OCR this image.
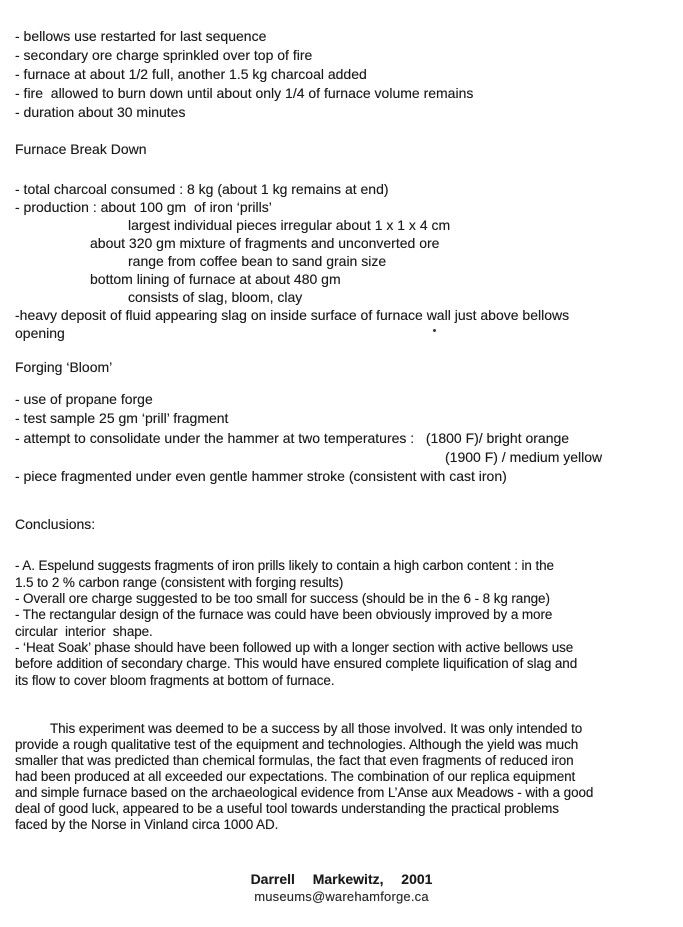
- bellows use restarted for last sequence
- secondary ore charge sprinkled over top of fire
- furnace at about 1/2 full, another 1.5 kg charcoal added
- fire  allowed to burn down until about only 1/4 of furnace volume remains
- duration about 30 minutes
Furnace Break Down
- total charcoal consumed : 8 kg (about 1 kg remains at end)
- production : about 100 gm  of iron ‘prills’
largest individual pieces irregular about 1 x 1 x 4 cm
about 320 gm mixture of fragments and unconverted ore
range from coffee bean to sand grain size
bottom lining of furnace at about 480 gm
consists of slag, bloom, clay
-heavy deposit of fluid appearing slag on inside surface of furnace wall just above bellows
opening
Forging ‘Bloom’
- use of propane forge
- test sample 25 gm ‘prill’ fragment
- attempt to consolidate under the hammer at two temperatures :   (1800 F)/ bright orange
(1900 F) / medium yellow
- piece fragmented under even gentle hammer stroke (consistent with cast iron)
Conclusions:
- A. Espelund suggests fragments of iron prills likely to contain a high carbon content : in the
1.5 to 2 % carbon range (consistent with forging results)
- Overall ore charge suggested to be too small for success (should be in the 6 - 8 kg range)
- The rectangular design of the furnace was could have been obviously improved by a more
circular  interior  shape.
- ‘Heat Soak’ phase should have been followed up with a longer section with active bellows use
before addition of secondary charge. This would have ensured complete liquification of slag and
its flow to cover bloom fragments at bottom of furnace.
This experiment was deemed to be a success by all those involved. It was only intended to
provide a rough qualitative test of the equipment and technologies. Although the yield was much
smaller that was predicted than chemical formulas, the fact that even fragments of reduced iron
had been produced at all exceeded our expectations. The combination of our replica equipment
and simple furnace based on the archaeological evidence from L’Anse aux Meadows - with a good
deal of good luck, appeared to be a useful tool towards understanding the practical problems
faced by the Norse in Vinland circa 1000 AD.
Darrell  Markewitz,  2001
museums@warehamforge.ca
